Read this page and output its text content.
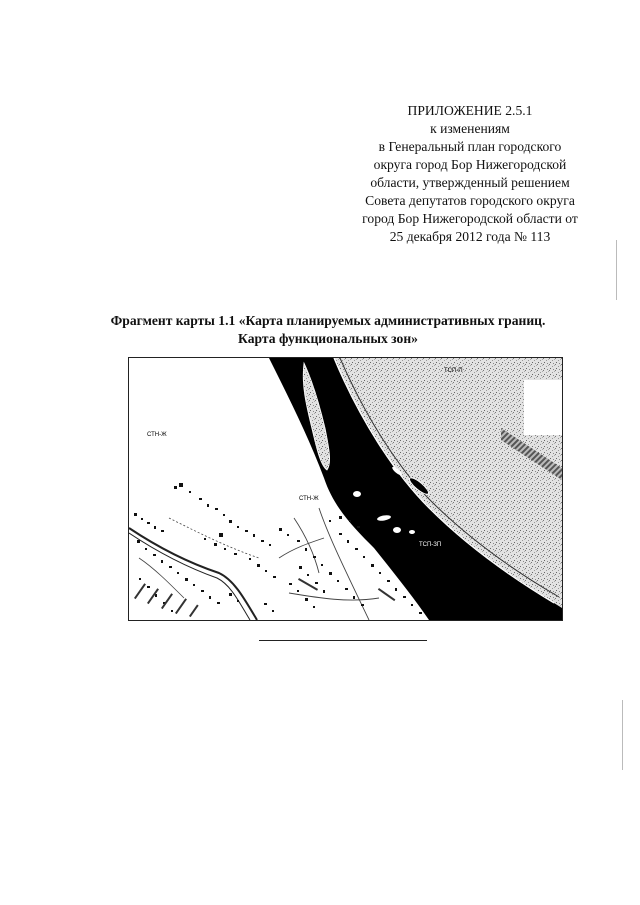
ПРИЛОЖЕНИЕ 2.5.1
к изменениям
в Генеральный план городского
округа город Бор Нижегородской
области, утвержденный решением
Совета депутатов городского округа
город Бор Нижегородской области от
25 декабря 2012 года № 113
Фрагмент карты 1.1 «Карта планируемых административных границ.
Карта функциональных зон»
ТСП-П
СТН-Ж
СТН-Ж
ТСП-ЗП
